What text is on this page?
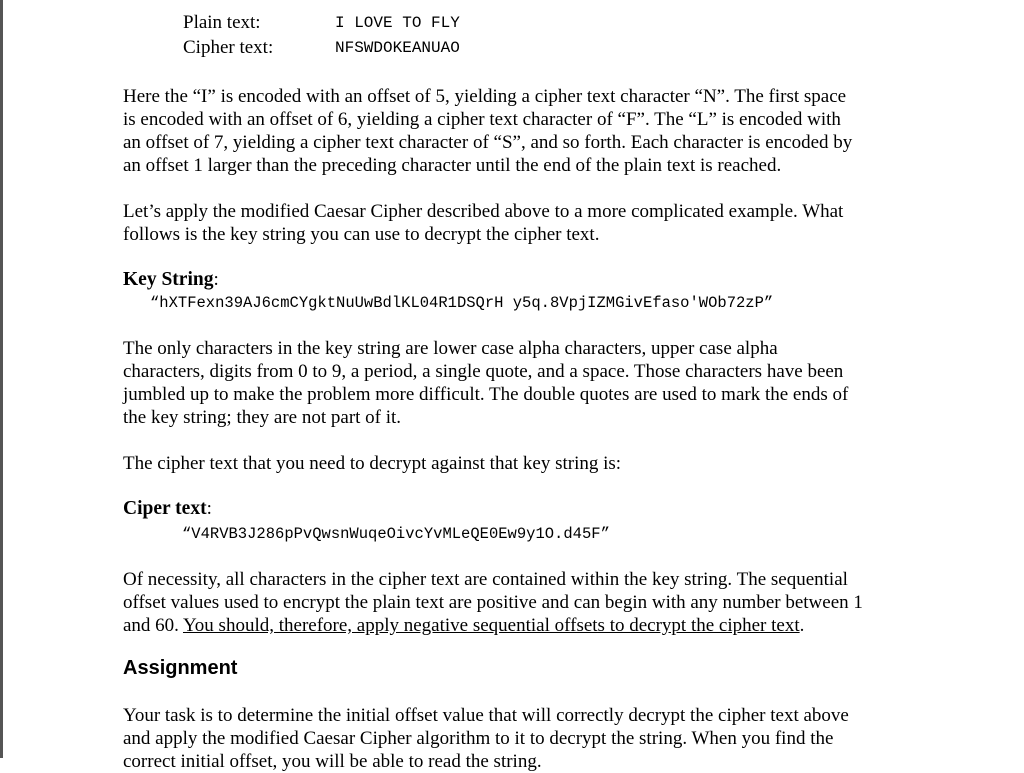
Plain text:	I LOVE TO FLY
Cipher text:	NFSWDOKEANUAO
Here the “I” is encoded with an offset of 5, yielding a cipher text character “N”. The first space
is encoded with an offset of 6, yielding a cipher text character of “F”. The “L” is encoded with
an offset of 7, yielding a cipher text character of “S”, and so forth. Each character is encoded by
an offset 1 larger than the preceding character until the end of the plain text is reached.
Let’s apply the modified Caesar Cipher described above to a more complicated example. What
follows is the key string you can use to decrypt the cipher text.
Key String:
“hXTFexn39AJ6cmCYgktNuUwBdlKL04R1DSQrH y5q.8VpjIZMGivEfaso'WOb72zP”
The only characters in the key string are lower case alpha characters, upper case alpha
characters, digits from 0 to 9, a period, a single quote, and a space. Those characters have been
jumbled up to make the problem more difficult. The double quotes are used to mark the ends of
the key string; they are not part of it.
The cipher text that you need to decrypt against that key string is:
Ciper text:
“V4RVB3J286pPvQwsnWuqeOivcYvMLeQE0Ew9y1O.d45F”
Of necessity, all characters in the cipher text are contained within the key string. The sequential
offset values used to encrypt the plain text are positive and can begin with any number between 1
and 60. You should, therefore, apply negative sequential offsets to decrypt the cipher text.
Assignment
Your task is to determine the initial offset value that will correctly decrypt the cipher text above
and apply the modified Caesar Cipher algorithm to it to decrypt the string. When you find the
correct initial offset, you will be able to read the string.
